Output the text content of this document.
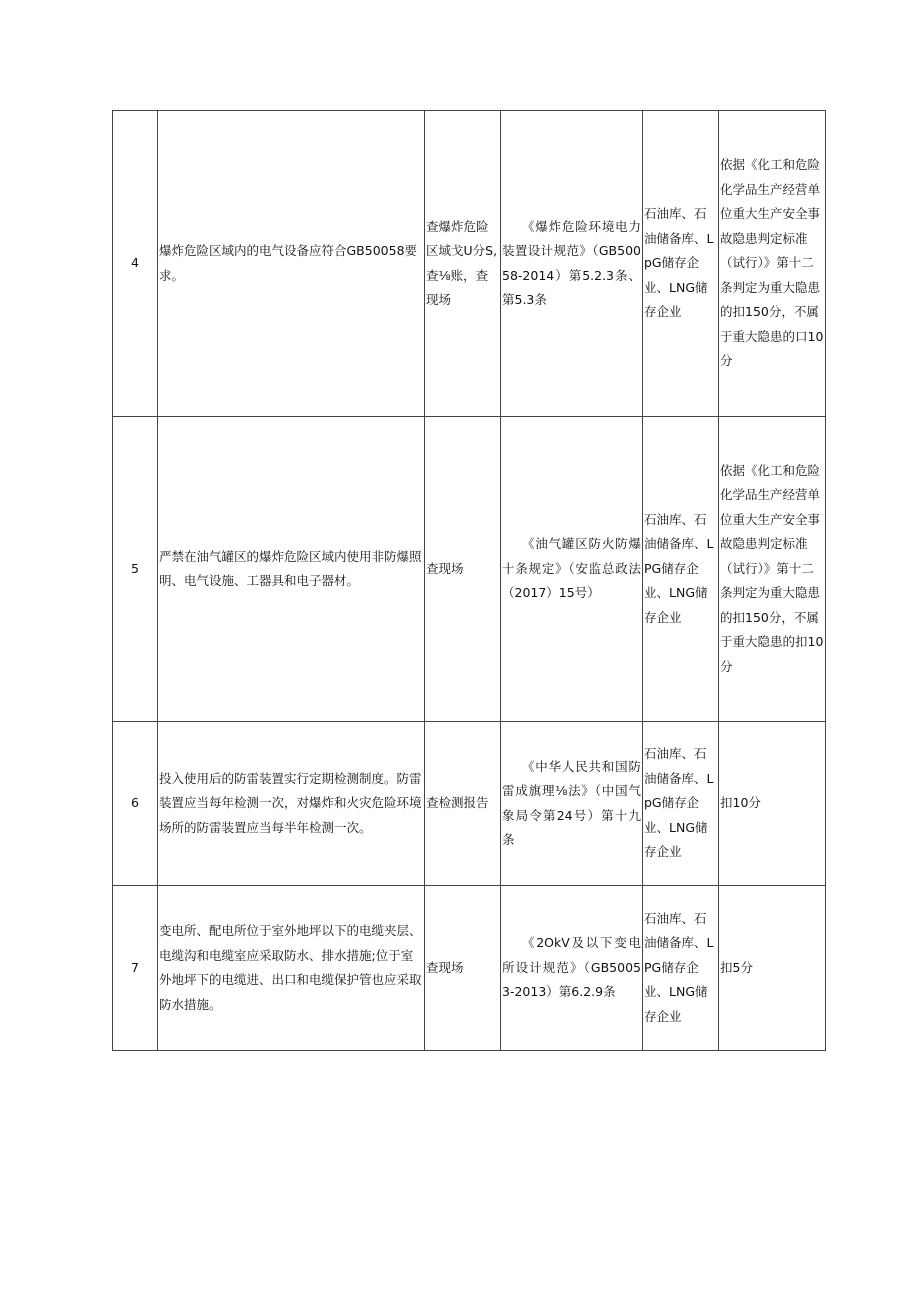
4	爆炸危险区域内的电气设备应符合GB50058要求。	查爆炸危险区域戈U分S, 查⅛账，查现场	《爆炸危险环境电力装置设计规范》（GB50058-2014）第5.2.3条、第5.3条	石油库、石油储备库、LpG储存企业、LNG储存企业	依据《化工和危险化学品生产经营单位重大生产安全事故隐患判定标准（试行）》第十二条判定为重大隐患的扣150分，不属于重大隐患的口10分
5	严禁在油气罐区的爆炸危险区域内使用非防爆照明、电气设施、工器具和电子器材。	查现场	《油气罐区防火防爆十条规定》（安监总政法（2017）15号）	石油库、石油储备库、LPG储存企业、LNG储存企业	依据《化工和危险化学品生产经营单位重大生产安全事故隐患判定标准（试行）》第十二条判定为重大隐患的扣150分，不属于重大隐患的扣10分
6	投入使用后的防雷装置实行定期检测制度。防雷装置应当每年检测一次，对爆炸和火灾危险环境场所的防雷装置应当每半年检测一次。	查检测报告	《中华人民共和国防雷成旗理⅛法》（中国气象局令第24号）第十九条	石油库、石油储备库、LpG储存企业、LNG储存企业	扣10分
7	变电所、配电所位于室外地坪以下的电缆夹层、电缆沟和电缆室应采取防水、排水措施;位于室外地坪下的电缆进、出口和电缆保护管也应采取防水措施。	查现场	《2OkV及以下变电所设计规范》（GB50053-2013）第6.2.9条	石油库、石油储备库、LPG储存企业、LNG储存企业	扣5分
